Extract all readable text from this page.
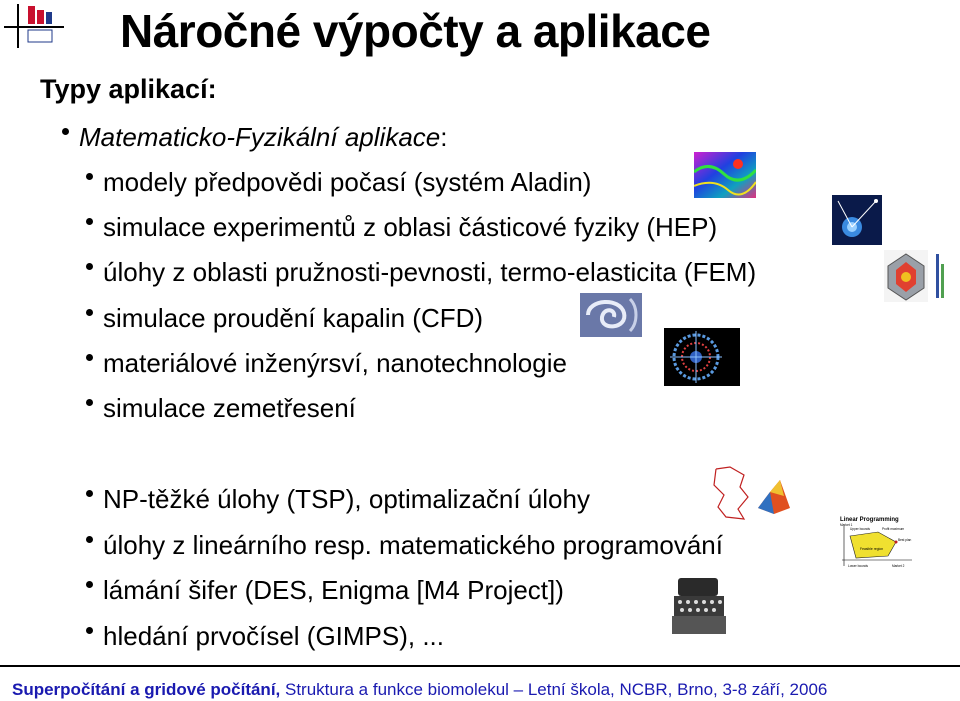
Náročné výpočty a aplikace
Typy aplikací:
Matematicko-Fyzikální aplikace:
modely předpovědi počasí (systém Aladin)
simulace experimentů z oblasi částicové fyziky (HEP)
úlohy z oblasti pružnosti-pevnosti, termo-elasticita (FEM)
simulace proudění kapalin (CFD)
materiálové inženýrsví, nanotechnologie
simulace zemetřesení
NP-těžké úlohy (TSP), optimalizační úlohy
úlohy z lineárního resp. matematického programování
lámání šifer (DES, Enigma [M4 Project])
hledání prvočísel (GIMPS), ...
Linear Programming
Market 1
Upper bounds	Profit maximum
Feasible region
Best plan
Lower bounds	Market 2
Superpočítání a gridové počítání, Struktura a funkce biomolekul – Letní škola, NCBR, Brno, 3-8 září, 2006
